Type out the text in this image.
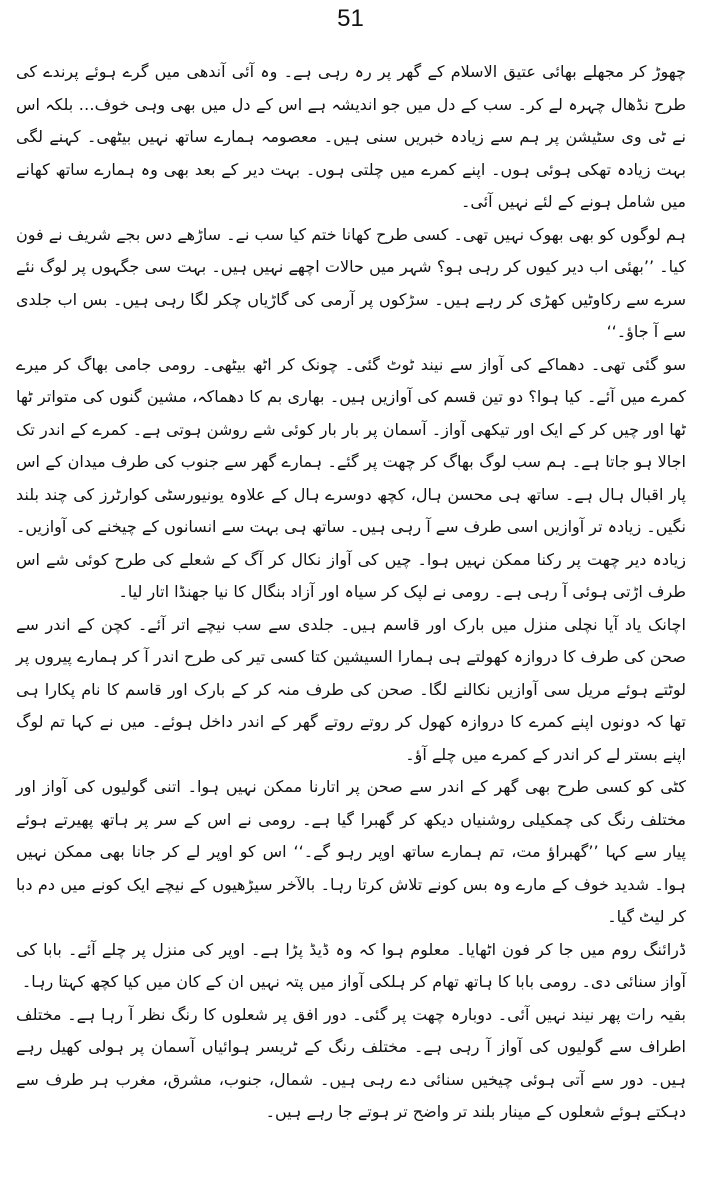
51

چھوڑ کر مجھلے بھائی عتیق الاسلام کے گھر پر رہ رہی ہے۔ وہ آئی آندھی میں گرے ہوئے پرندے کی طرح نڈھال چہرہ لے کر۔ سب کے دل میں جو اندیشہ ہے اس کے دل میں بھی وہی خوف… بلکہ اس نے ٹی وی سٹیشن پر ہم سے زیادہ خبریں سنی ہیں۔ معصومہ ہمارے ساتھ نہیں بیٹھی۔ کہنے لگی بہت زیادہ تھکی ہوئی ہوں۔ اپنے کمرے میں چلتی ہوں۔ بہت دیر کے بعد بھی وہ ہمارے ساتھ کھانے میں شامل ہونے کے لئے نہیں آئی۔

ہم لوگوں کو بھی بھوک نہیں تھی۔ کسی طرح کھانا ختم کیا سب نے۔ ساڑھے دس بجے شریف نے فون کیا۔ ’’بھئی اب دیر کیوں کر رہی ہو؟ شہر میں حالات اچھے نہیں ہیں۔ بہت سی جگہوں پر لوگ نئے سرے سے رکاوٹیں کھڑی کر رہے ہیں۔ سڑکوں پر آرمی کی گاڑیاں چکر لگا رہی ہیں۔ بس اب جلدی سے آ جاؤ۔‘‘

سو گئی تھی۔ دھماکے کی آواز سے نیند ٹوٹ گئی۔ چونک کر اٹھ بیٹھی۔ رومی جامی بھاگ کر میرے کمرے میں آئے۔ کیا ہوا؟ دو تین قسم کی آوازیں ہیں۔ بھاری بم کا دھماکہ، مشین گنوں کی متواتر ٹھا ٹھا اور چیں کر کے ایک اور تیکھی آواز۔ آسمان پر بار بار کوئی شے روشن ہوتی ہے۔ کمرے کے اندر تک اجالا ہو جاتا ہے۔ ہم سب لوگ بھاگ کر چھت پر گئے۔ ہمارے گھر سے جنوب کی طرف میدان کے اس پار اقبال ہال ہے۔ ساتھ ہی محسن ہال، کچھ دوسرے ہال کے علاوہ یونیورسٹی کوارٹرز کی چند بلند نگیں۔ زیادہ تر آوازیں اسی طرف سے آ رہی ہیں۔ ساتھ ہی بہت سے انسانوں کے چیخنے کی آوازیں۔ زیادہ دیر چھت پر رکنا ممکن نہیں ہوا۔ چیں کی آواز نکال کر آگ کے شعلے کی طرح کوئی شے اس طرف اڑتی ہوئی آ رہی ہے۔ رومی نے لپک کر سیاہ اور آزاد بنگال کا نیا جھنڈا اتار لیا۔

اچانک یاد آیا نچلی منزل میں بارک اور قاسم ہیں۔ جلدی سے سب نیچے اتر آئے۔ کچن کے اندر سے صحن کی طرف کا دروازہ کھولتے ہی ہمارا السیشین کتا کسی تیر کی طرح اندر آ کر ہمارے پیروں پر لوٹتے ہوئے مریل سی آوازیں نکالنے لگا۔ صحن کی طرف منہ کر کے بارک اور قاسم کا نام پکارا ہی تھا کہ دونوں اپنے کمرے کا دروازہ کھول کر روتے روتے گھر کے اندر داخل ہوئے۔ میں نے کہا تم لوگ اپنے بستر لے کر اندر کے کمرے میں چلے آؤ۔

کٹی کو کسی طرح بھی گھر کے اندر سے صحن پر اتارنا ممکن نہیں ہوا۔ اتنی گولیوں کی آواز اور مختلف رنگ کی چمکیلی روشنیاں دیکھ کر گھبرا گیا ہے۔ رومی نے اس کے سر پر ہاتھ پھیرتے ہوئے پیار سے کہا ’’گھبراؤ مت، تم ہمارے ساتھ اوپر رہو گے۔‘‘ اس کو اوپر لے کر جانا بھی ممکن نہیں ہوا۔ شدید خوف کے مارے وہ بس کونے تلاش کرتا رہا۔ بالآخر سیڑھیوں کے نیچے ایک کونے میں دم دبا کر لیٹ گیا۔

ڈرائنگ روم میں جا کر فون اٹھایا۔ معلوم ہوا کہ وہ ڈیڈ پڑا ہے۔ اوپر کی منزل پر چلے آئے۔ بابا کی آواز سنائی دی۔ رومی بابا کا ہاتھ تھام کر ہلکی آواز میں پتہ نہیں ان کے کان میں کیا کچھ کہتا رہا۔

بقیہ رات پھر نیند نہیں آئی۔ دوبارہ چھت پر گئی۔ دور افق پر شعلوں کا رنگ نظر آ رہا ہے۔ مختلف اطراف سے گولیوں کی آواز آ رہی ہے۔ مختلف رنگ کے ٹریسر ہوائیاں آسمان پر ہولی کھیل رہے ہیں۔ دور سے آتی ہوئی چیخیں سنائی دے رہی ہیں۔ شمال، جنوب، مشرق، مغرب ہر طرف سے دہکتے ہوئے شعلوں کے مینار بلند تر واضح تر ہوتے جا رہے ہیں۔
